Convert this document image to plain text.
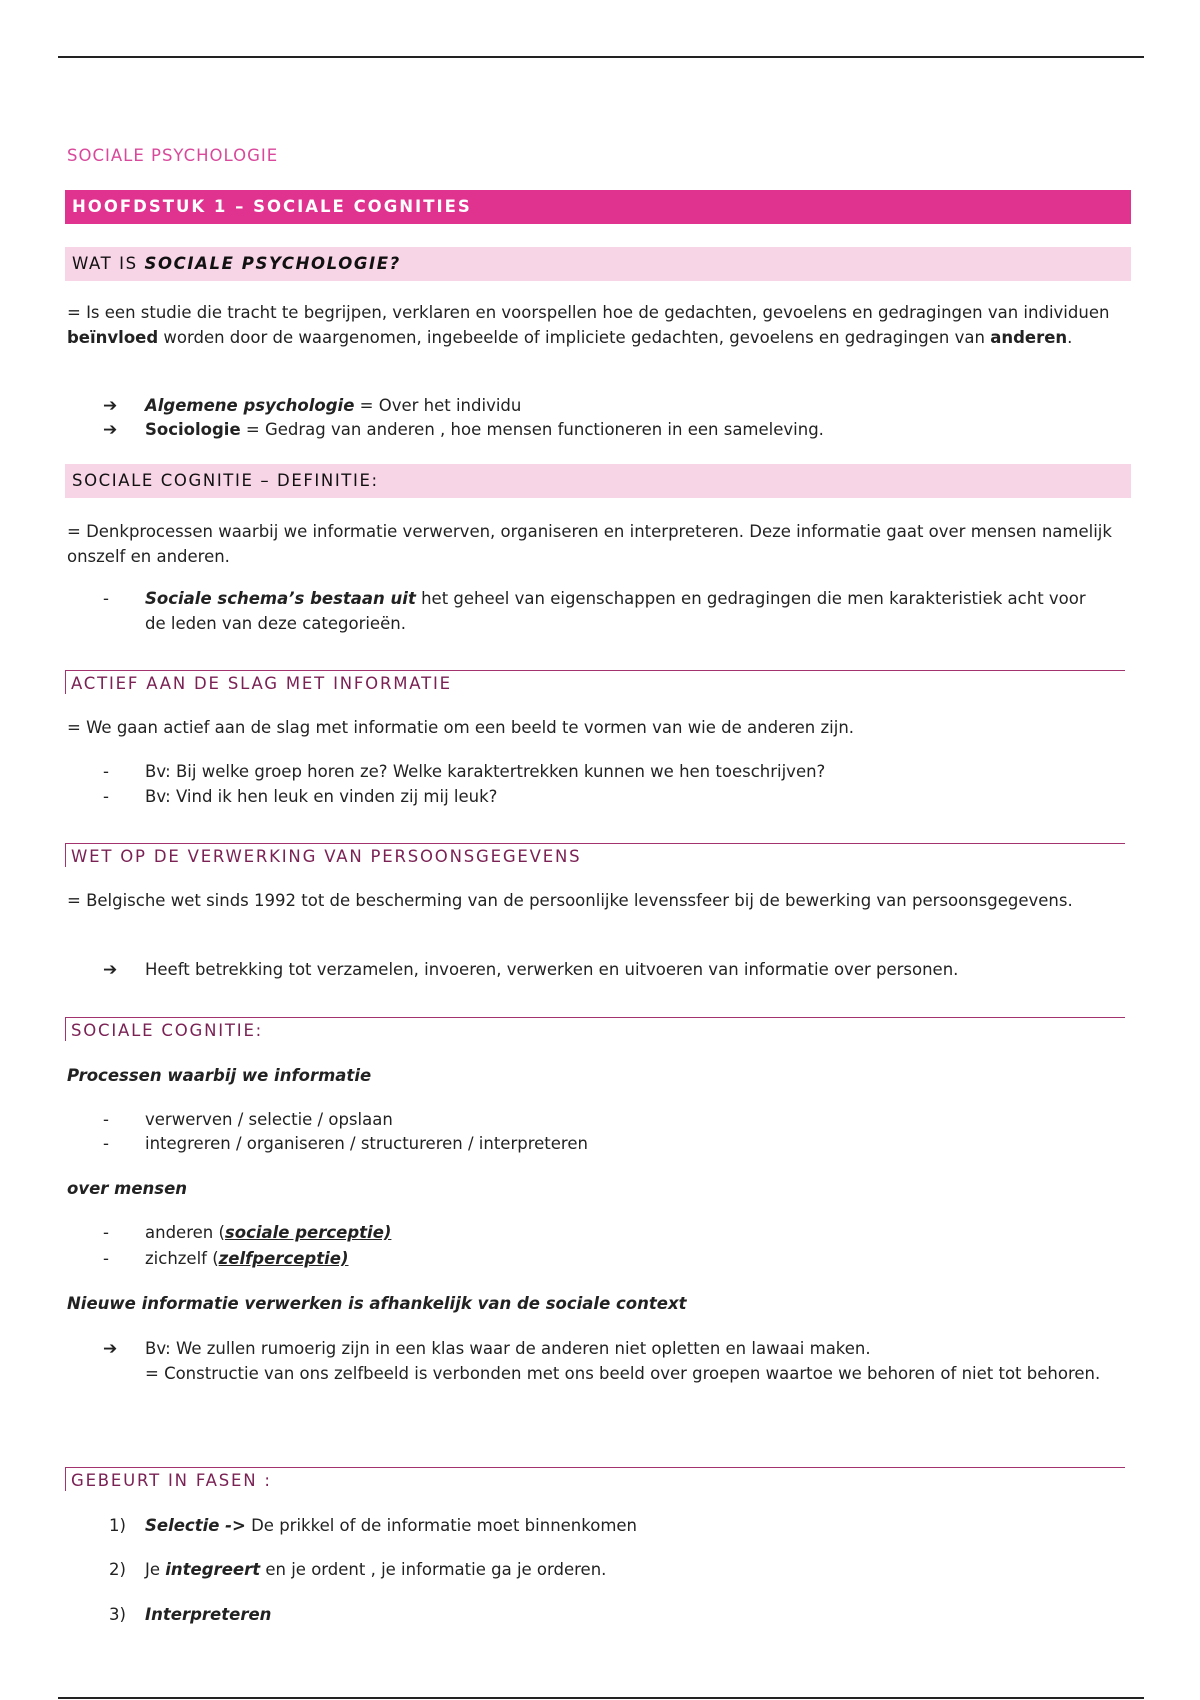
SOCIALE PSYCHOLOGIE
HOOFDSTUK 1 – SOCIALE COGNITIES
WAT IS SOCIALE PSYCHOLOGIE?
= Is een studie die tracht te begrijpen, verklaren en voorspellen hoe de gedachten, gevoelens en gedragingen van individuen beïnvloed worden door de waargenomen, ingebeelde of impliciete gedachten, gevoelens en gedragingen van anderen.
➔	Algemene psychologie = Over het individu
➔	Sociologie = Gedrag van anderen , hoe mensen functioneren in een sameleving.
SOCIALE COGNITIE – DEFINITIE:
= Denkprocessen waarbij we informatie verwerven, organiseren en interpreteren. Deze informatie gaat over mensen namelijk onszelf en anderen.
-	Sociale schema’s bestaan uit het geheel van eigenschappen en gedragingen die men karakteristiek acht voor de leden van deze categorieën.
ACTIEF AAN DE SLAG MET INFORMATIE
= We gaan actief aan de slag met informatie om een beeld te vormen van wie de anderen zijn.
-	Bv: Bij welke groep horen ze? Welke karaktertrekken kunnen we hen toeschrijven?
-	Bv: Vind ik hen leuk en vinden zij mij leuk?
WET OP DE VERWERKING VAN PERSOONSGEGEVENS
= Belgische wet sinds 1992 tot de bescherming van de persoonlijke levenssfeer bij de bewerking van persoonsgegevens.
➔	Heeft betrekking tot verzamelen, invoeren, verwerken en uitvoeren van informatie over personen.
SOCIALE COGNITIE:
Processen waarbij we informatie
-	verwerven / selectie / opslaan
-	integreren / organiseren / structureren / interpreteren
over mensen
-	anderen (sociale perceptie)
-	zichzelf (zelfperceptie)
Nieuwe informatie verwerken is afhankelijk van de sociale context
➔	Bv: We zullen rumoerig zijn in een klas waar de anderen niet opletten en lawaai maken.
= Constructie van ons zelfbeeld is verbonden met ons beeld over groepen waartoe we behoren of niet tot behoren.
GEBEURT IN FASEN :
1)	Selectie -> De prikkel of de informatie moet binnenkomen
2)	Je integreert en je ordent , je informatie ga je orderen.
3)	Interpreteren
